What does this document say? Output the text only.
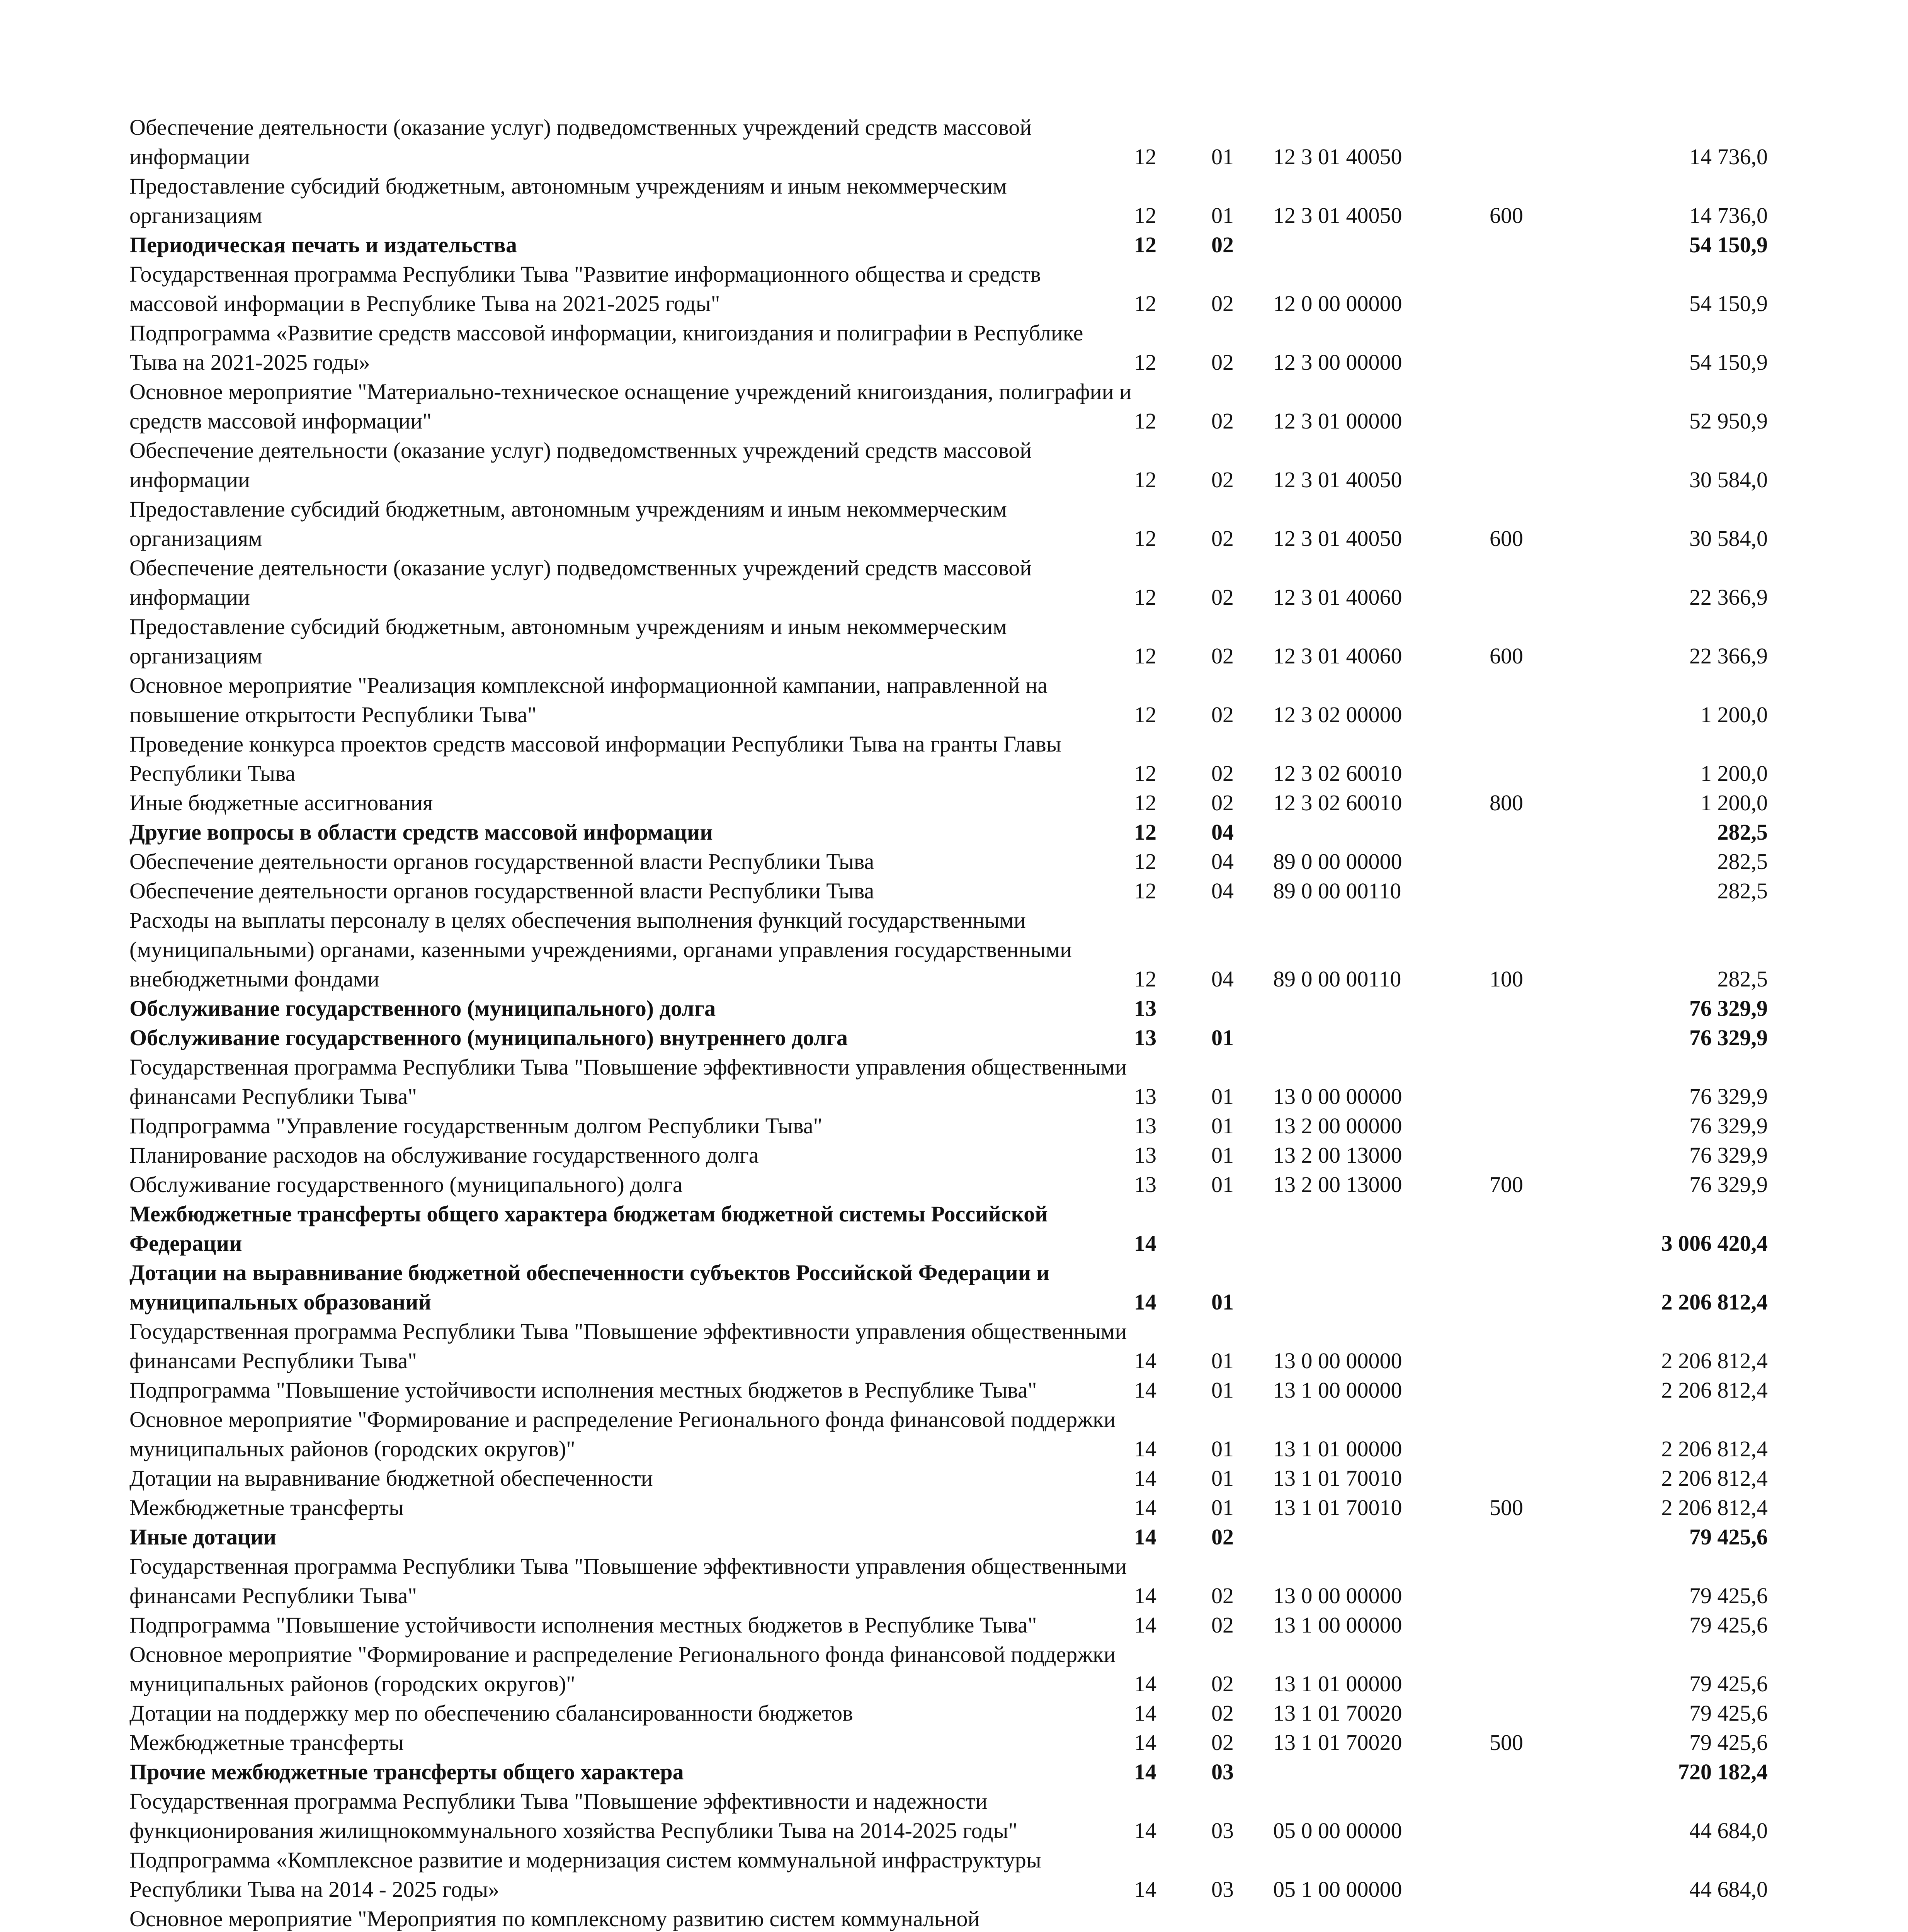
Обеспечение деятельности (оказание услуг) подведомственных учреждений средств массовой информации	12	01	12 3 01 40050		14 736,0
Предоставление субсидий бюджетным, автономным учреждениям и иным некоммерческим организациям	12	01	12 3 01 40050	600	14 736,0
Периодическая печать и издательства	12	02			54 150,9
Государственная программа Республики Тыва "Развитие информационного общества и средств массовой информации в Республике Тыва на 2021-2025 годы"	12	02	12 0 00 00000		54 150,9
Подпрограмма «Развитие средств массовой информации, книгоиздания и полиграфии в Республике Тыва на 2021-2025 годы»	12	02	12 3 00 00000		54 150,9
Основное мероприятие "Материально-техническое оснащение учреждений книгоиздания, полиграфии и средств массовой информации"	12	02	12 3 01 00000		52 950,9
Обеспечение деятельности (оказание услуг) подведомственных учреждений средств массовой информации	12	02	12 3 01 40050		30 584,0
Предоставление субсидий бюджетным, автономным учреждениям и иным некоммерческим организациям	12	02	12 3 01 40050	600	30 584,0
Обеспечение деятельности (оказание услуг) подведомственных учреждений средств массовой информации	12	02	12 3 01 40060		22 366,9
Предоставление субсидий бюджетным, автономным учреждениям и иным некоммерческим организациям	12	02	12 3 01 40060	600	22 366,9
Основное мероприятие "Реализация комплексной информационной кампании, направленной на повышение открытости Республики Тыва"	12	02	12 3 02 00000		1 200,0
Проведение конкурса проектов средств массовой информации Республики Тыва на гранты Главы Республики Тыва	12	02	12 3 02 60010		1 200,0
Иные бюджетные ассигнования	12	02	12 3 02 60010	800	1 200,0
Другие вопросы в области средств массовой информации	12	04			282,5
Обеспечение деятельности органов государственной власти Республики Тыва	12	04	89 0 00 00000		282,5
Обеспечение деятельности органов государственной власти Республики Тыва	12	04	89 0 00 00110		282,5
Расходы на выплаты персоналу в целях обеспечения выполнения функций государственными (муниципальными) органами, казенными учреждениями, органами управления государственными внебюджетными фондами	12	04	89 0 00 00110	100	282,5
Обслуживание государственного (муниципального) долга	13				76 329,9
Обслуживание государственного (муниципального) внутреннего долга	13	01			76 329,9
Государственная программа Республики Тыва "Повышение эффективности управления общественными финансами Республики Тыва"	13	01	13 0 00 00000		76 329,9
Подпрограмма "Управление государственным долгом Республики Тыва"	13	01	13 2 00 00000		76 329,9
Планирование расходов на обслуживание государственного долга	13	01	13 2 00 13000		76 329,9
Обслуживание государственного (муниципального) долга	13	01	13 2 00 13000	700	76 329,9
Межбюджетные трансферты общего характера бюджетам бюджетной системы Российской Федерации	14				3 006 420,4
Дотации на выравнивание бюджетной обеспеченности субъектов Российской Федерации и муниципальных образований	14	01			2 206 812,4
Государственная программа Республики Тыва "Повышение эффективности управления общественными финансами Республики Тыва"	14	01	13 0 00 00000		2 206 812,4
Подпрограмма "Повышение устойчивости исполнения местных бюджетов в Республике Тыва"	14	01	13 1 00 00000		2 206 812,4
Основное мероприятие "Формирование и распределение Регионального фонда финансовой поддержки муниципальных районов (городских округов)"	14	01	13 1 01 00000		2 206 812,4
Дотации на выравнивание бюджетной обеспеченности	14	01	13 1 01 70010		2 206 812,4
Межбюджетные трансферты	14	01	13 1 01 70010	500	2 206 812,4
Иные дотации	14	02			79 425,6
Государственная программа Республики Тыва "Повышение эффективности управления общественными финансами Республики Тыва"	14	02	13 0 00 00000		79 425,6
Подпрограмма "Повышение устойчивости исполнения местных бюджетов в Республике Тыва"	14	02	13 1 00 00000		79 425,6
Основное мероприятие "Формирование и распределение Регионального фонда финансовой поддержки муниципальных районов (городских округов)"	14	02	13 1 01 00000		79 425,6
Дотации на поддержку мер по обеспечению сбалансированности бюджетов	14	02	13 1 01 70020		79 425,6
Межбюджетные трансферты	14	02	13 1 01 70020	500	79 425,6
Прочие межбюджетные трансферты общего характера	14	03			720 182,4
Государственная программа Республики Тыва "Повышение эффективности и надежности функционирования жилищнокоммунального хозяйства Республики Тыва на 2014-2025 годы"	14	03	05 0 00 00000		44 684,0
Подпрограмма «Комплексное развитие и модернизация систем коммунальной инфраструктуры Республики Тыва на 2014 - 2025 годы»	14	03	05 1 00 00000		44 684,0
Основное мероприятие "Мероприятия по комплексному развитию систем коммунальной					
